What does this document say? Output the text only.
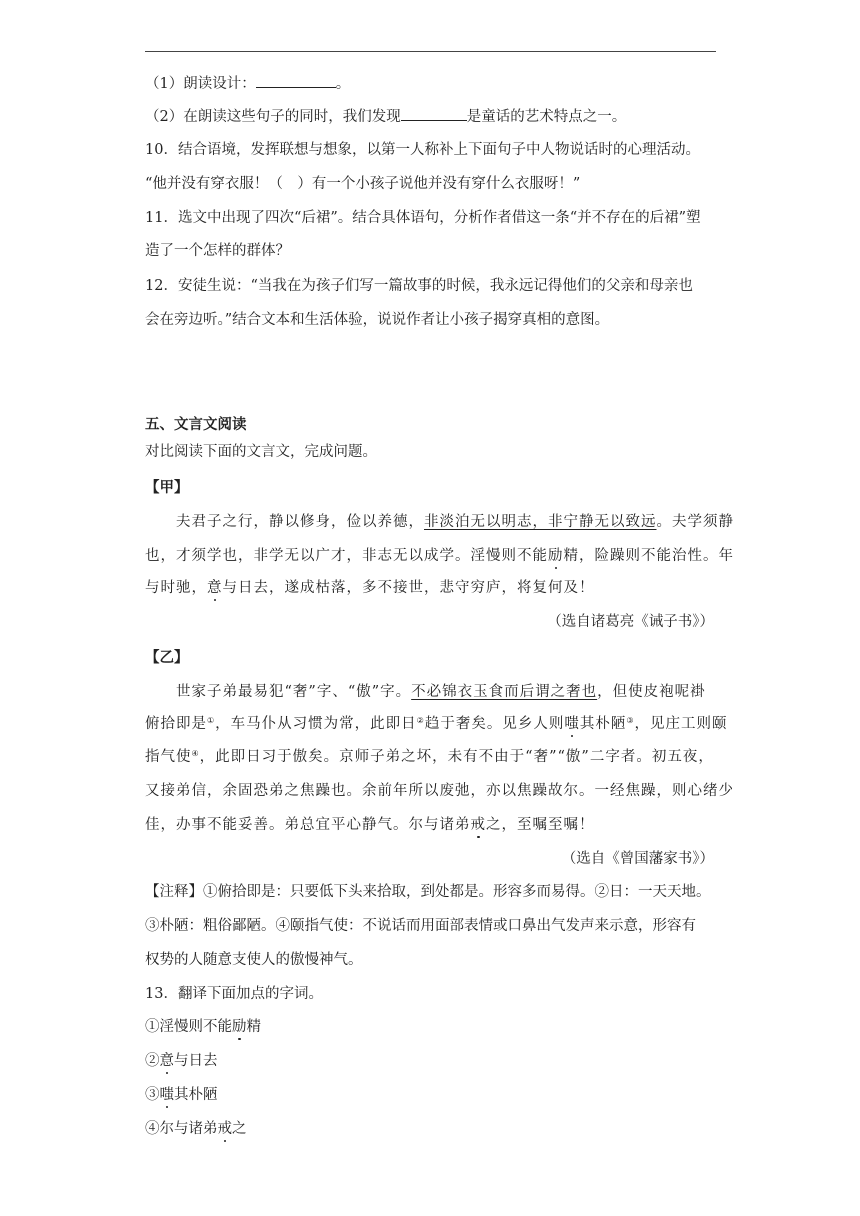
（1）朗读设计：	。
（2）在朗读这些句子的同时，我们发现	是童话的艺术特点之一。
10．结合语境，发挥联想与想象，以第一人称补上下面句子中人物说话时的心理活动。
“他并没有穿衣服！（　）有一个小孩子说他并没有穿什么衣服呀！”
11．选文中出现了四次“后裙”。结合具体语句，分析作者借这一条“并不存在的后裙”塑
造了一个怎样的群体？
12．安徒生说：“当我在为孩子们写一篇故事的时候，我永远记得他们的父亲和母亲也
会在旁边听。”结合文本和生活体验，说说作者让小孩子揭穿真相的意图。
五、文言文阅读
对比阅读下面的文言文，完成问题。
【甲】
夫君子之行，静以修身，俭以养德，非淡泊无以明志，非宁静无以致远。夫学须静
也，才须学也，非学无以广才，非志无以成学。淫慢则不能励精，险躁则不能治性。年
与时驰，意与日去，遂成枯落，多不接世，悲守穷庐，将复何及！
（选自诸葛亮《诫子书》）
【乙】
世家子弟最易犯“奢”字、“傲”字。不必锦衣玉食而后谓之奢也，但使皮袍呢褂
俯拾即是①，车马仆从习惯为常，此即日②趋于奢矣。见乡人则嗤其朴陋③，见庄工则颐
指气使④，此即日习于傲矣。京师子弟之坏，未有不由于“奢”“傲”二字者。初五夜，
又接弟信，余固恐弟之焦躁也。余前年所以废弛，亦以焦躁故尔。一经焦躁，则心绪少
佳，办事不能妥善。弟总宜平心静气。尔与诸弟戒之，至嘱至嘱！
（选自《曾国藩家书》）
【注释】①俯拾即是：只要低下头来拾取，到处都是。形容多而易得。②日：一天天地。
③朴陋：粗俗鄙陋。④颐指气使：不说话而用面部表情或口鼻出气发声来示意，形容有
权势的人随意支使人的傲慢神气。
13．翻译下面加点的字词。
①淫慢则不能励精
②意与日去
③嗤其朴陋
④尔与诸弟戒之
